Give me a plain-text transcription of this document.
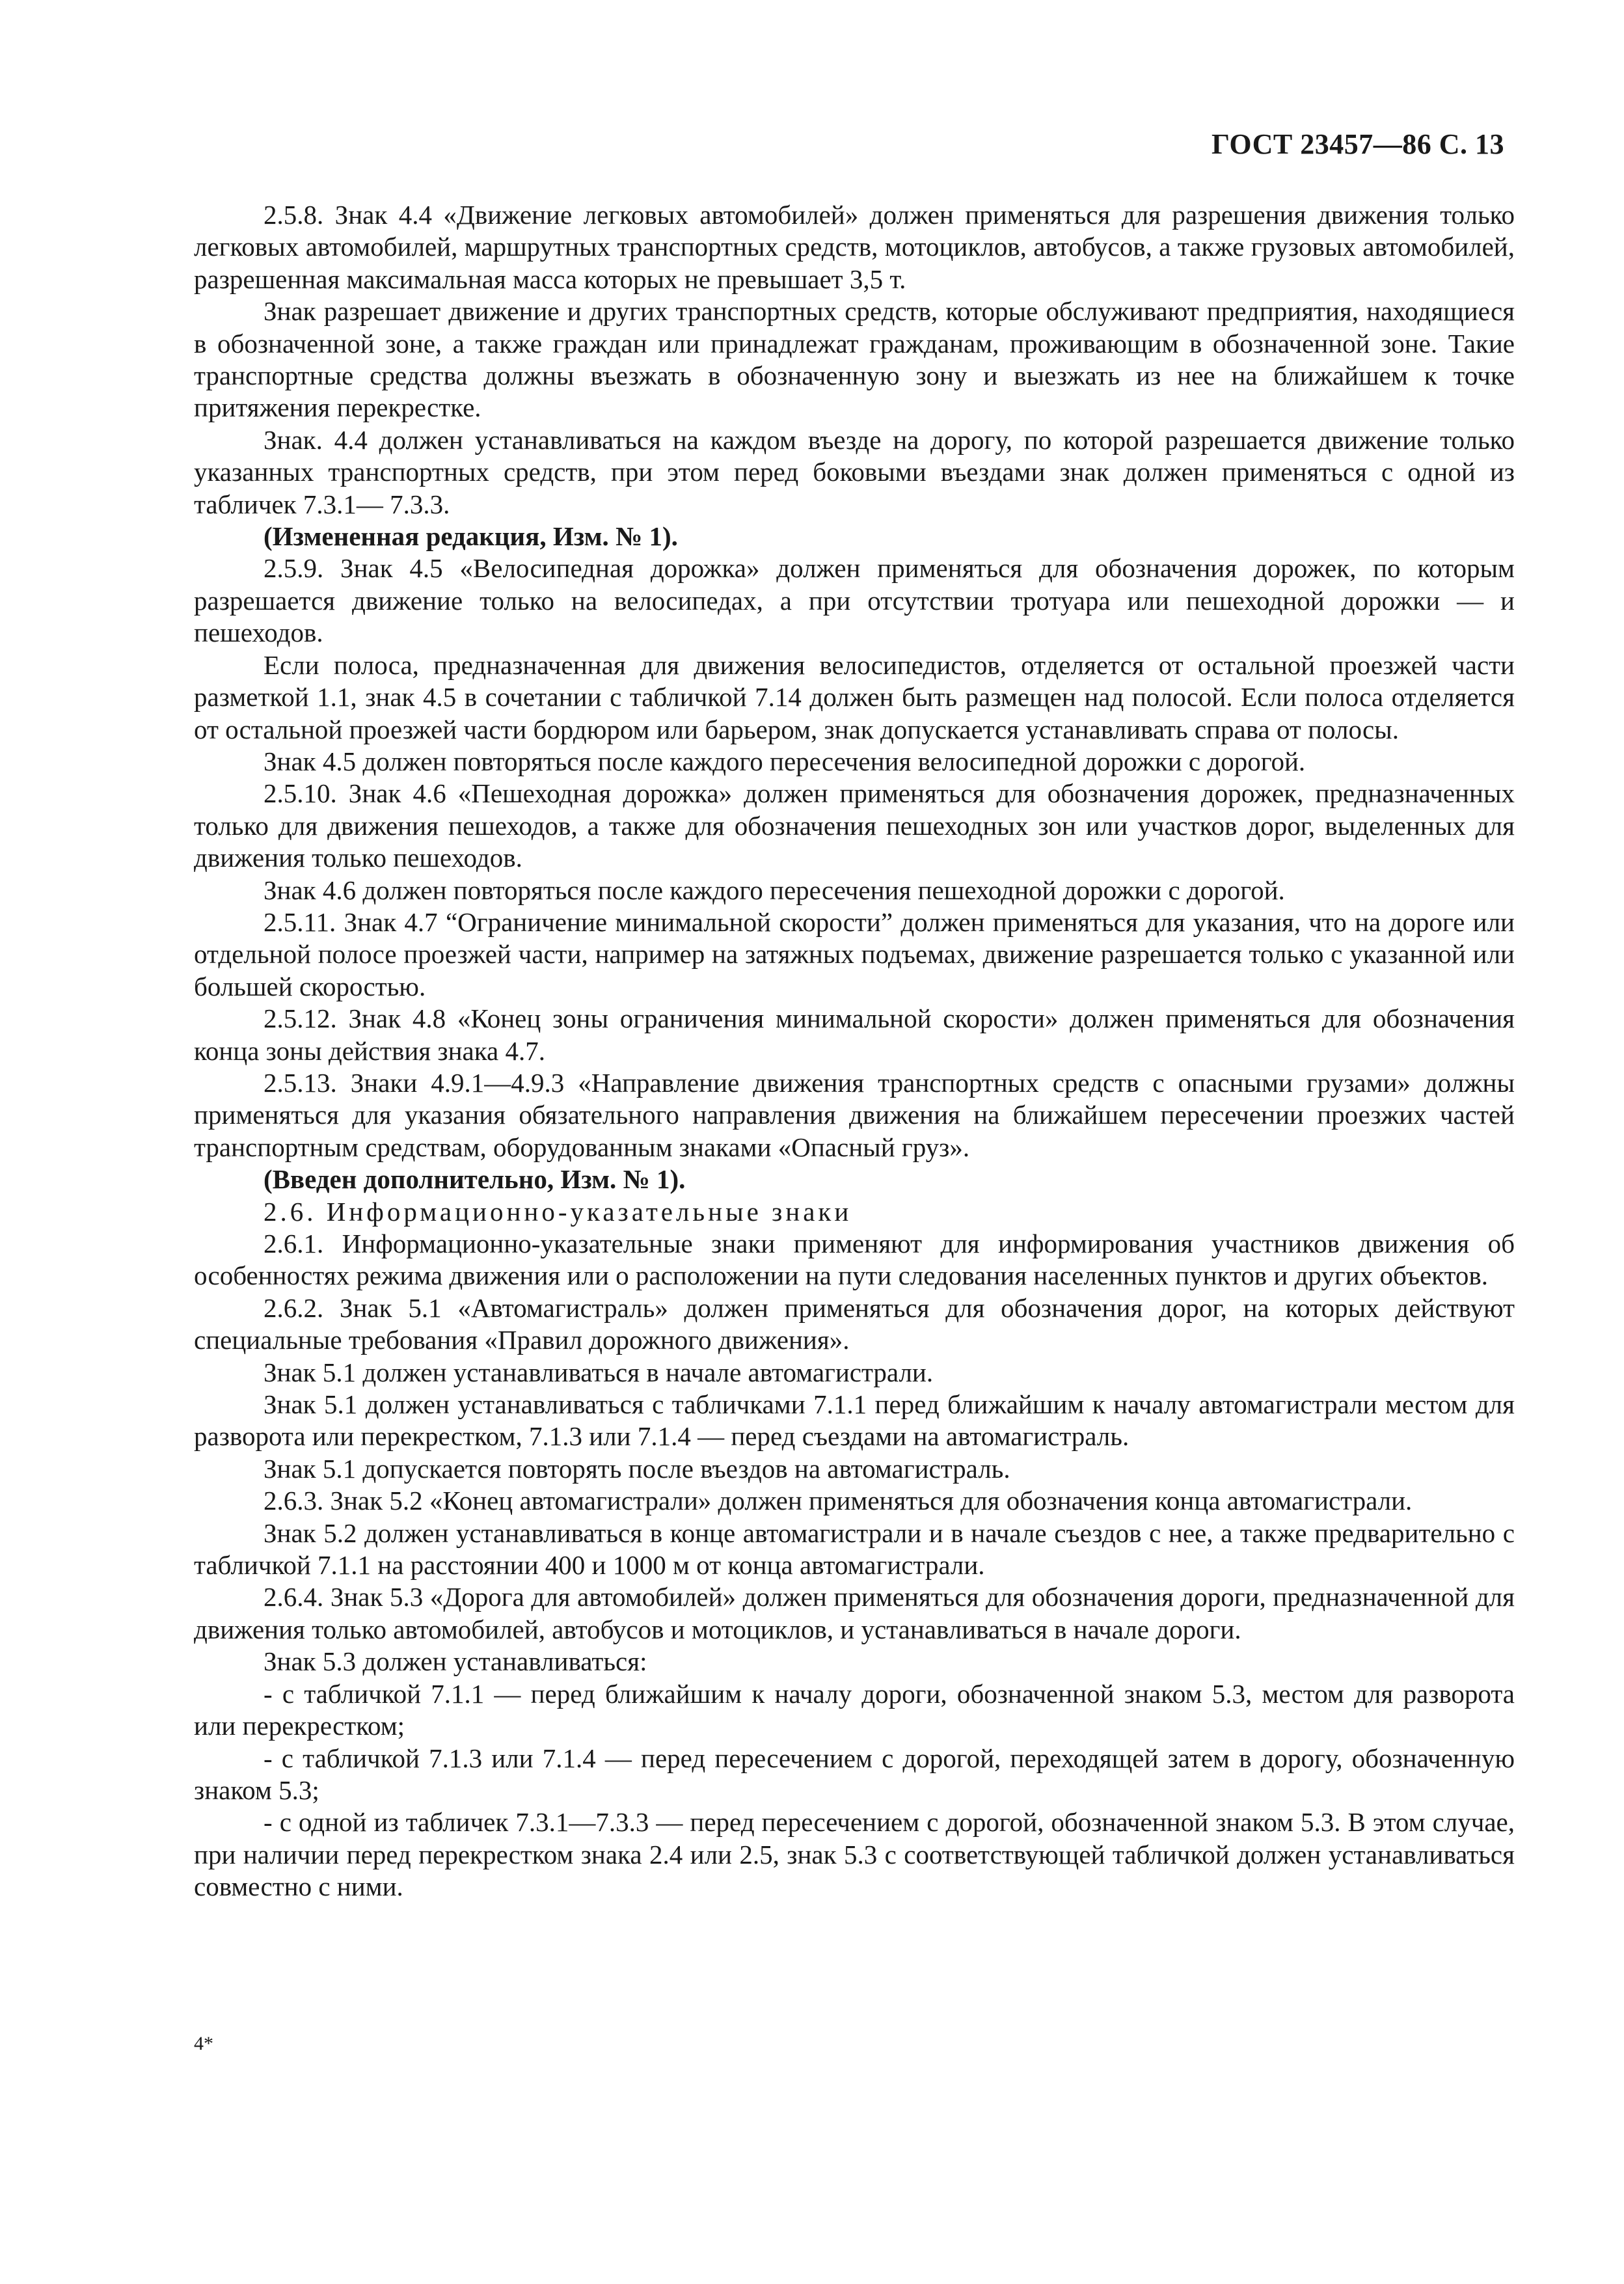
ГОСТ 23457—86 С. 13

2.5.8. Знак 4.4 «Движение легковых автомобилей» должен применяться для разрешения движения только легковых автомобилей, маршрутных транспортных средств, мотоциклов, автобусов, а также грузовых автомобилей, разрешенная максимальная масса которых не превышает 3,5 т.

Знак разрешает движение и других транспортных средств, которые обслуживают предприятия, находящиеся в обозначенной зоне, а также граждан или принадлежат гражданам, проживающим в обозначенной зоне. Такие транспортные средства должны въезжать в обозначенную зону и выезжать из нее на ближайшем к точке притяжения перекрестке.

Знак. 4.4 должен устанавливаться на каждом въезде на дорогу, по которой разрешается движение только указанных транспортных средств, при этом перед боковыми въездами знак должен применяться с одной из табличек 7.3.1— 7.3.3.

(Измененная редакция, Изм. № 1).

2.5.9. Знак 4.5 «Велосипедная дорожка» должен применяться для обозначения дорожек, по которым разрешается движение только на велосипедах, а при отсутствии тротуара или пешеходной дорожки — и пешеходов.

Если полоса, предназначенная для движения велосипедистов, отделяется от остальной проезжей части разметкой 1.1, знак 4.5 в сочетании с табличкой 7.14 должен быть размещен над полосой. Если полоса отделяется от остальной проезжей части бордюром или барьером, знак допускается устанавливать справа от полосы.

Знак 4.5 должен повторяться после каждого пересечения велосипедной дорожки с дорогой.

2.5.10. Знак 4.6 «Пешеходная дорожка» должен применяться для обозначения дорожек, предназначенных только для движения пешеходов, а также для обозначения пешеходных зон или участков дорог, выделенных для движения только пешеходов.

Знак 4.6 должен повторяться после каждого пересечения пешеходной дорожки с дорогой.

2.5.11. Знак 4.7 “Ограничение минимальной скорости” должен применяться для указания, что на дороге или отдельной полосе проезжей части, например на затяжных подъемах, движение разрешается только с указанной или большей скоростью.

2.5.12. Знак 4.8 «Конец зоны ограничения минимальной скорости» должен применяться для обозначения конца зоны действия знака 4.7.

2.5.13. Знаки 4.9.1—4.9.3 «Направление движения транспортных средств с опасными грузами» должны применяться для указания обязательного направления движения на ближайшем пересечении проезжих частей транспортным средствам, оборудованным знаками «Опасный груз».

(Введен дополнительно, Изм. № 1).

2.6. Информационно-указательные знаки

2.6.1. Информационно-указательные знаки применяют для информирования участников движения об особенностях режима движения или о расположении на пути следования населенных пунктов и других объектов.

2.6.2. Знак 5.1 «Автомагистраль» должен применяться для обозначения дорог, на которых действуют специальные требования «Правил дорожного движения».

Знак 5.1 должен устанавливаться в начале автомагистрали.

Знак 5.1 должен устанавливаться с табличками 7.1.1 перед ближайшим к началу автомагистрали местом для разворота или перекрестком, 7.1.3 или 7.1.4 — перед съездами на автомагистраль.

Знак 5.1 допускается повторять после въездов на автомагистраль.

2.6.3. Знак 5.2 «Конец автомагистрали» должен применяться для обозначения конца автомагистрали.

Знак 5.2 должен устанавливаться в конце автомагистрали и в начале съездов с нее, а также предварительно с табличкой 7.1.1 на расстоянии 400 и 1000 м от конца автомагистрали.

2.6.4. Знак 5.3 «Дорога для автомобилей» должен применяться для обозначения дороги, предназначенной для движения только автомобилей, автобусов и мотоциклов, и устанавливаться в начале дороги.

Знак 5.3 должен устанавливаться:

- с табличкой 7.1.1 — перед ближайшим к началу дороги, обозначенной знаком 5.3, местом для разворота или перекрестком;

- с табличкой 7.1.3 или 7.1.4 — перед пересечением с дорогой, переходящей затем в дорогу, обозначенную знаком 5.3;

- с одной из табличек 7.3.1—7.3.3 — перед пересечением с дорогой, обозначенной знаком 5.3. В этом случае, при наличии перед перекрестком знака 2.4 или 2.5, знак 5.3 с соответствующей табличкой должен устанавливаться совместно с ними.

4*
